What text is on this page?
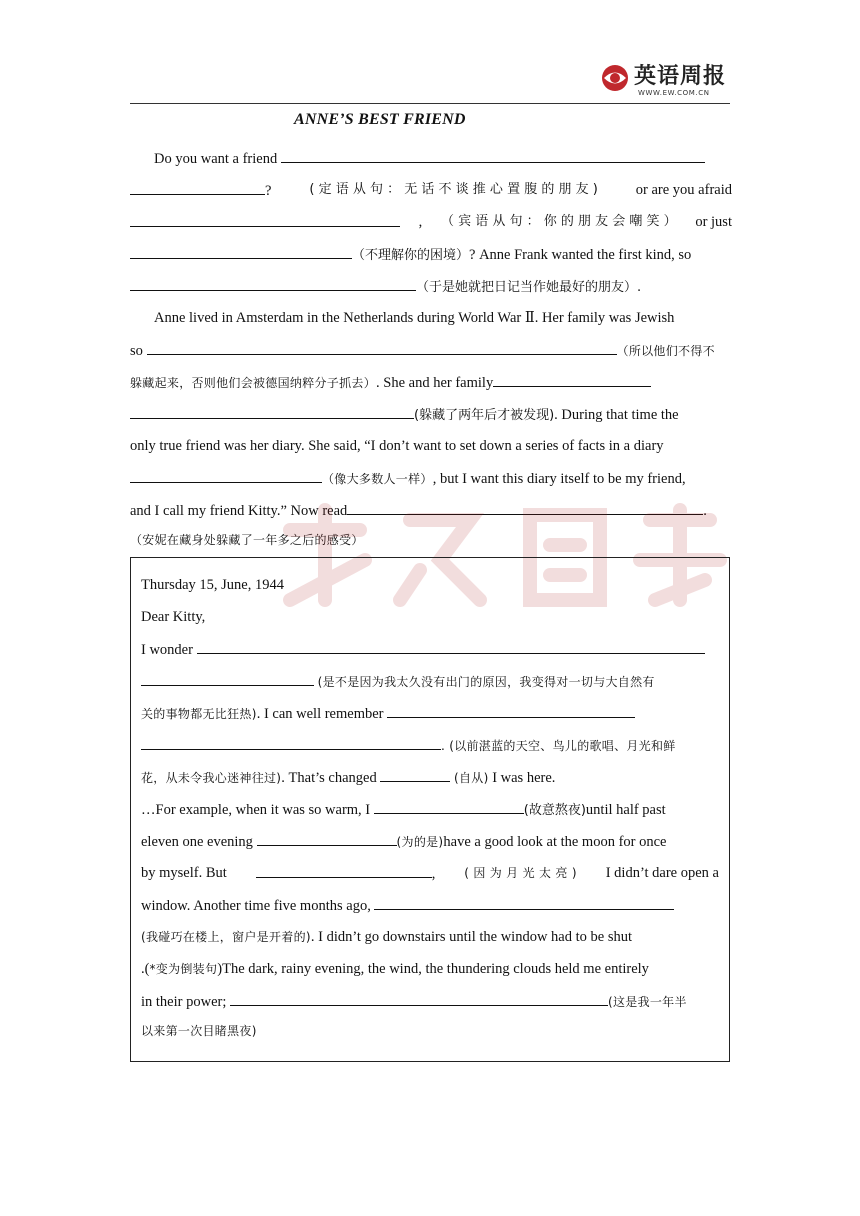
英语周报
WWW.EW.COM.CN
ANNE’S BEST FRIEND
Do you want a friend
?	( 定 语 从 句 ： 无 话 不 谈 推 心 置 腹 的 朋 友 )	or are you afraid
, （ 宾 语 从 句 ： 你 的 朋 友 会 嘲 笑 ） or just
（不理解你的困境）? Anne Frank wanted the first kind, so
（于是她就把日记当作她最好的朋友）.
Anne lived in Amsterdam in the Netherlands during World War Ⅱ. Her family was Jewish
so	（所以他们不得不
躲藏起来，否则他们会被德国纳粹分子抓去）. She and her family
(躲藏了两年后才被发现). During that time the
only true friend was her diary. She said, “I don’t want to set down a series of facts in a diary
（像大多数人一样）, but I want this diary itself to be my friend,
and I call my friend Kitty.” Now read	.
（安妮在藏身处躲藏了一年多之后的感受）
Thursday 15, June, 1944
Dear Kitty,
I wonder
(是不是因为我太久没有出门的原因，我变得对一切与大自然有
关的事物都无比狂热). I can well remember
. (以前湛蓝的天空、鸟儿的歌唱、月光和鲜
花，从未令我心迷神往过). That’s changed	(自从) I was here.
…For example, when it was so warm, I	(故意熬夜)until half past
eleven one evening	(为的是)have a good look at the moon for once
by myself. But	, ( 因 为 月 光 太 亮 ) I didn’t dare open a
window. Another time five months ago,
(我碰巧在楼上，窗户是开着的). I didn’t go downstairs until the window had to be shut
.(*变为倒装句)The dark, rainy evening, the wind, the thundering clouds held me entirely
in their power;	(这是我一年半
以来第一次目睹黑夜)
